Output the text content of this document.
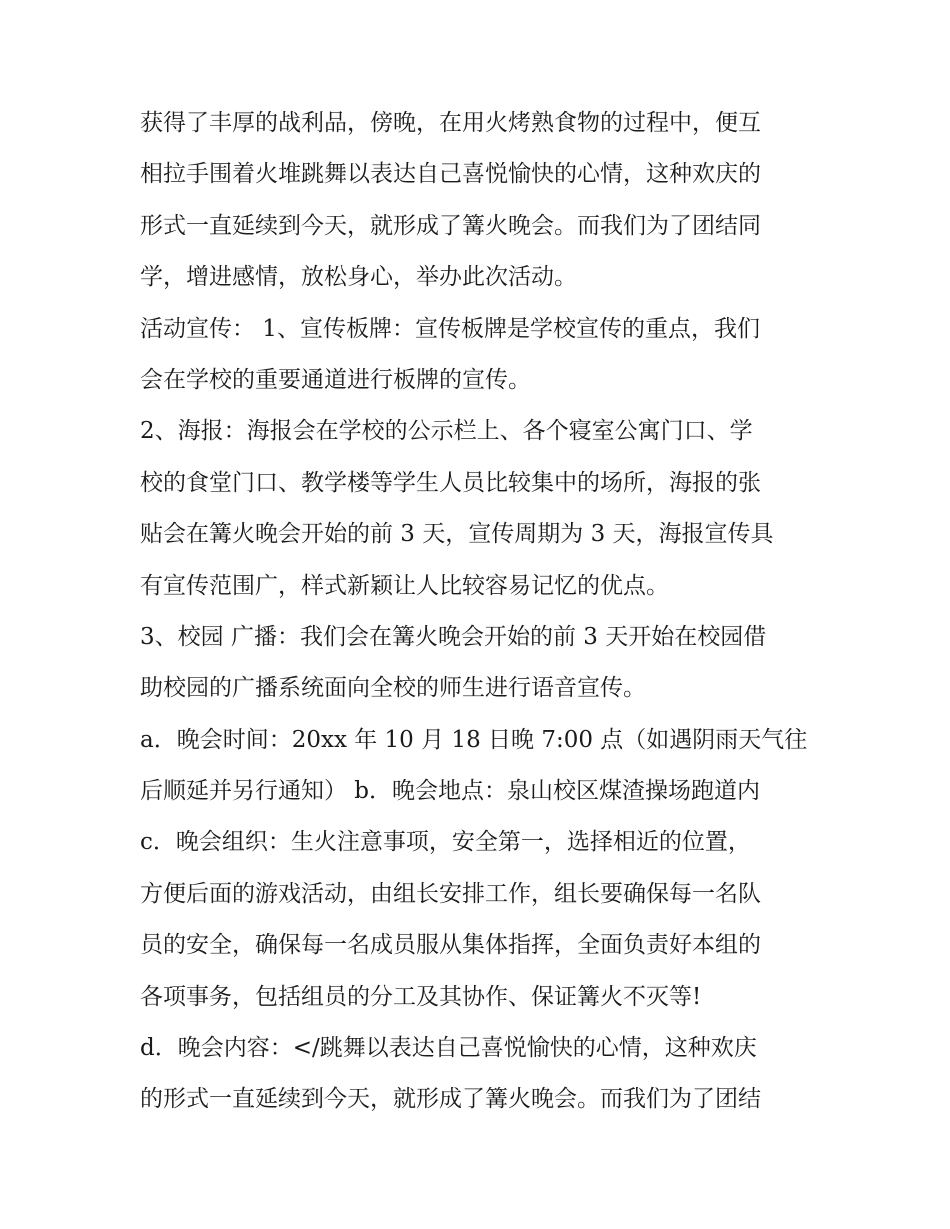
获得了丰厚的战利品，傍晚，在用火烤熟食物的过程中，便互
相拉手围着火堆跳舞以表达自己喜悦愉快的心情，这种欢庆的
形式一直延续到今天，就形成了篝火晚会。而我们为了团结同
学，增进感情，放松身心，举办此次活动。
活动宣传： 1、宣传板牌：宣传板牌是学校宣传的重点，我们
会在学校的重要通道进行板牌的宣传。
2、海报：海报会在学校的公示栏上、各个寝室公寓门口、学
校的食堂门口、教学楼等学生人员比较集中的场所，海报的张
贴会在篝火晚会开始的前 3 天，宣传周期为 3 天，海报宣传具
有宣传范围广，样式新颖让人比较容易记忆的优点。
3、校园 广播：我们会在篝火晚会开始的前 3 天开始在校园借
助校园的广播系统面向全校的师生进行语音宣传。
a．晚会时间：20xx 年 10 月 18 日晚 7:00 点（如遇阴雨天气往
后顺延并另行通知） b．晚会地点：泉山校区煤渣操场跑道内
c．晚会组织：生火注意事项，安全第一，选择相近的位置，
方便后面的游戏活动，由组长安排工作，组长要确保每一名队
员的安全，确保每一名成员服从集体指挥，全面负责好本组的
各项事务，包括组员的分工及其协作、保证篝火不灭等!
d．晚会内容：</跳舞以表达自己喜悦愉快的心情，这种欢庆
的形式一直延续到今天，就形成了篝火晚会。而我们为了团结
